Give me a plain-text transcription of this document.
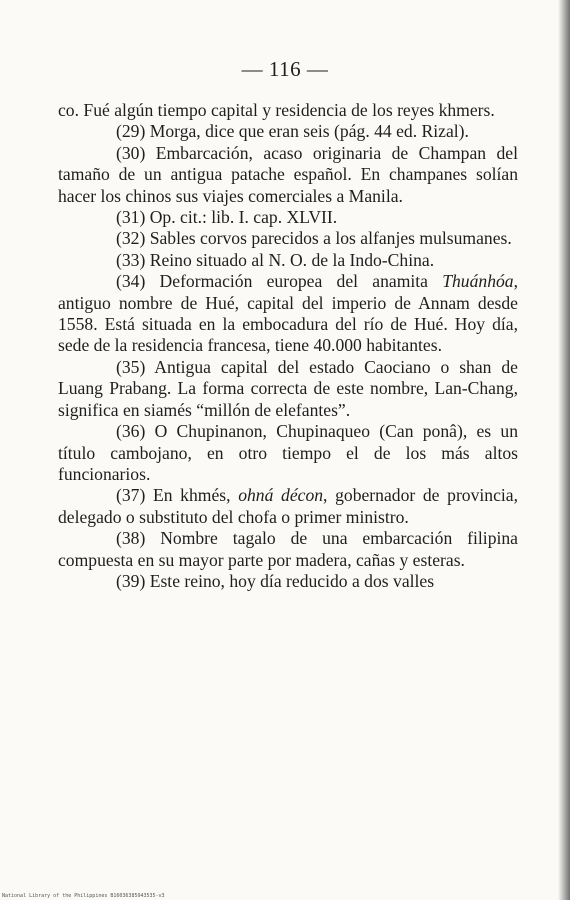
— 116 —

co. Fué algún tiempo capital y residencia de los reyes khmers.

(29) Morga, dice que eran seis (pág. 44 ed. Rizal).

(30) Embarcación, acaso originaria de Champan del tamaño de un antigua patache español. En champanes solían hacer los chinos sus viajes comerciales a Manila.

(31) Op. cit.: lib. I. cap. XLVII.

(32) Sables corvos parecidos a los alfanjes mulsumanes.

(33) Reino situado al N. O. de la Indo-China.

(34) Deformación europea del anamita Thuánhóa, antiguo nombre de Hué, capital del imperio de Annam desde 1558. Está situada en la embocadura del río de Hué. Hoy día, sede de la residencia francesa, tiene 40.000 habitantes.

(35) Antigua capital del estado Caociano o shan de Luang Prabang. La forma correcta de este nombre, Lan-Chang, significa en siamés “millón de elefantes”.

(36) O Chupinanon, Chupinaqueo (Can ponâ), es un título cambojano, en otro tiempo el de los más altos funcionarios.

(37) En khmés, ohná décon, gobernador de provincia, delegado o substituto del chofa o primer ministro.

(38) Nombre tagalo de una embarcación filipina compuesta en su mayor parte por madera, cañas y esteras.

(39) Este reino, hoy día reducido a dos valles

National Library of the Philippines B16036385943535-v3
